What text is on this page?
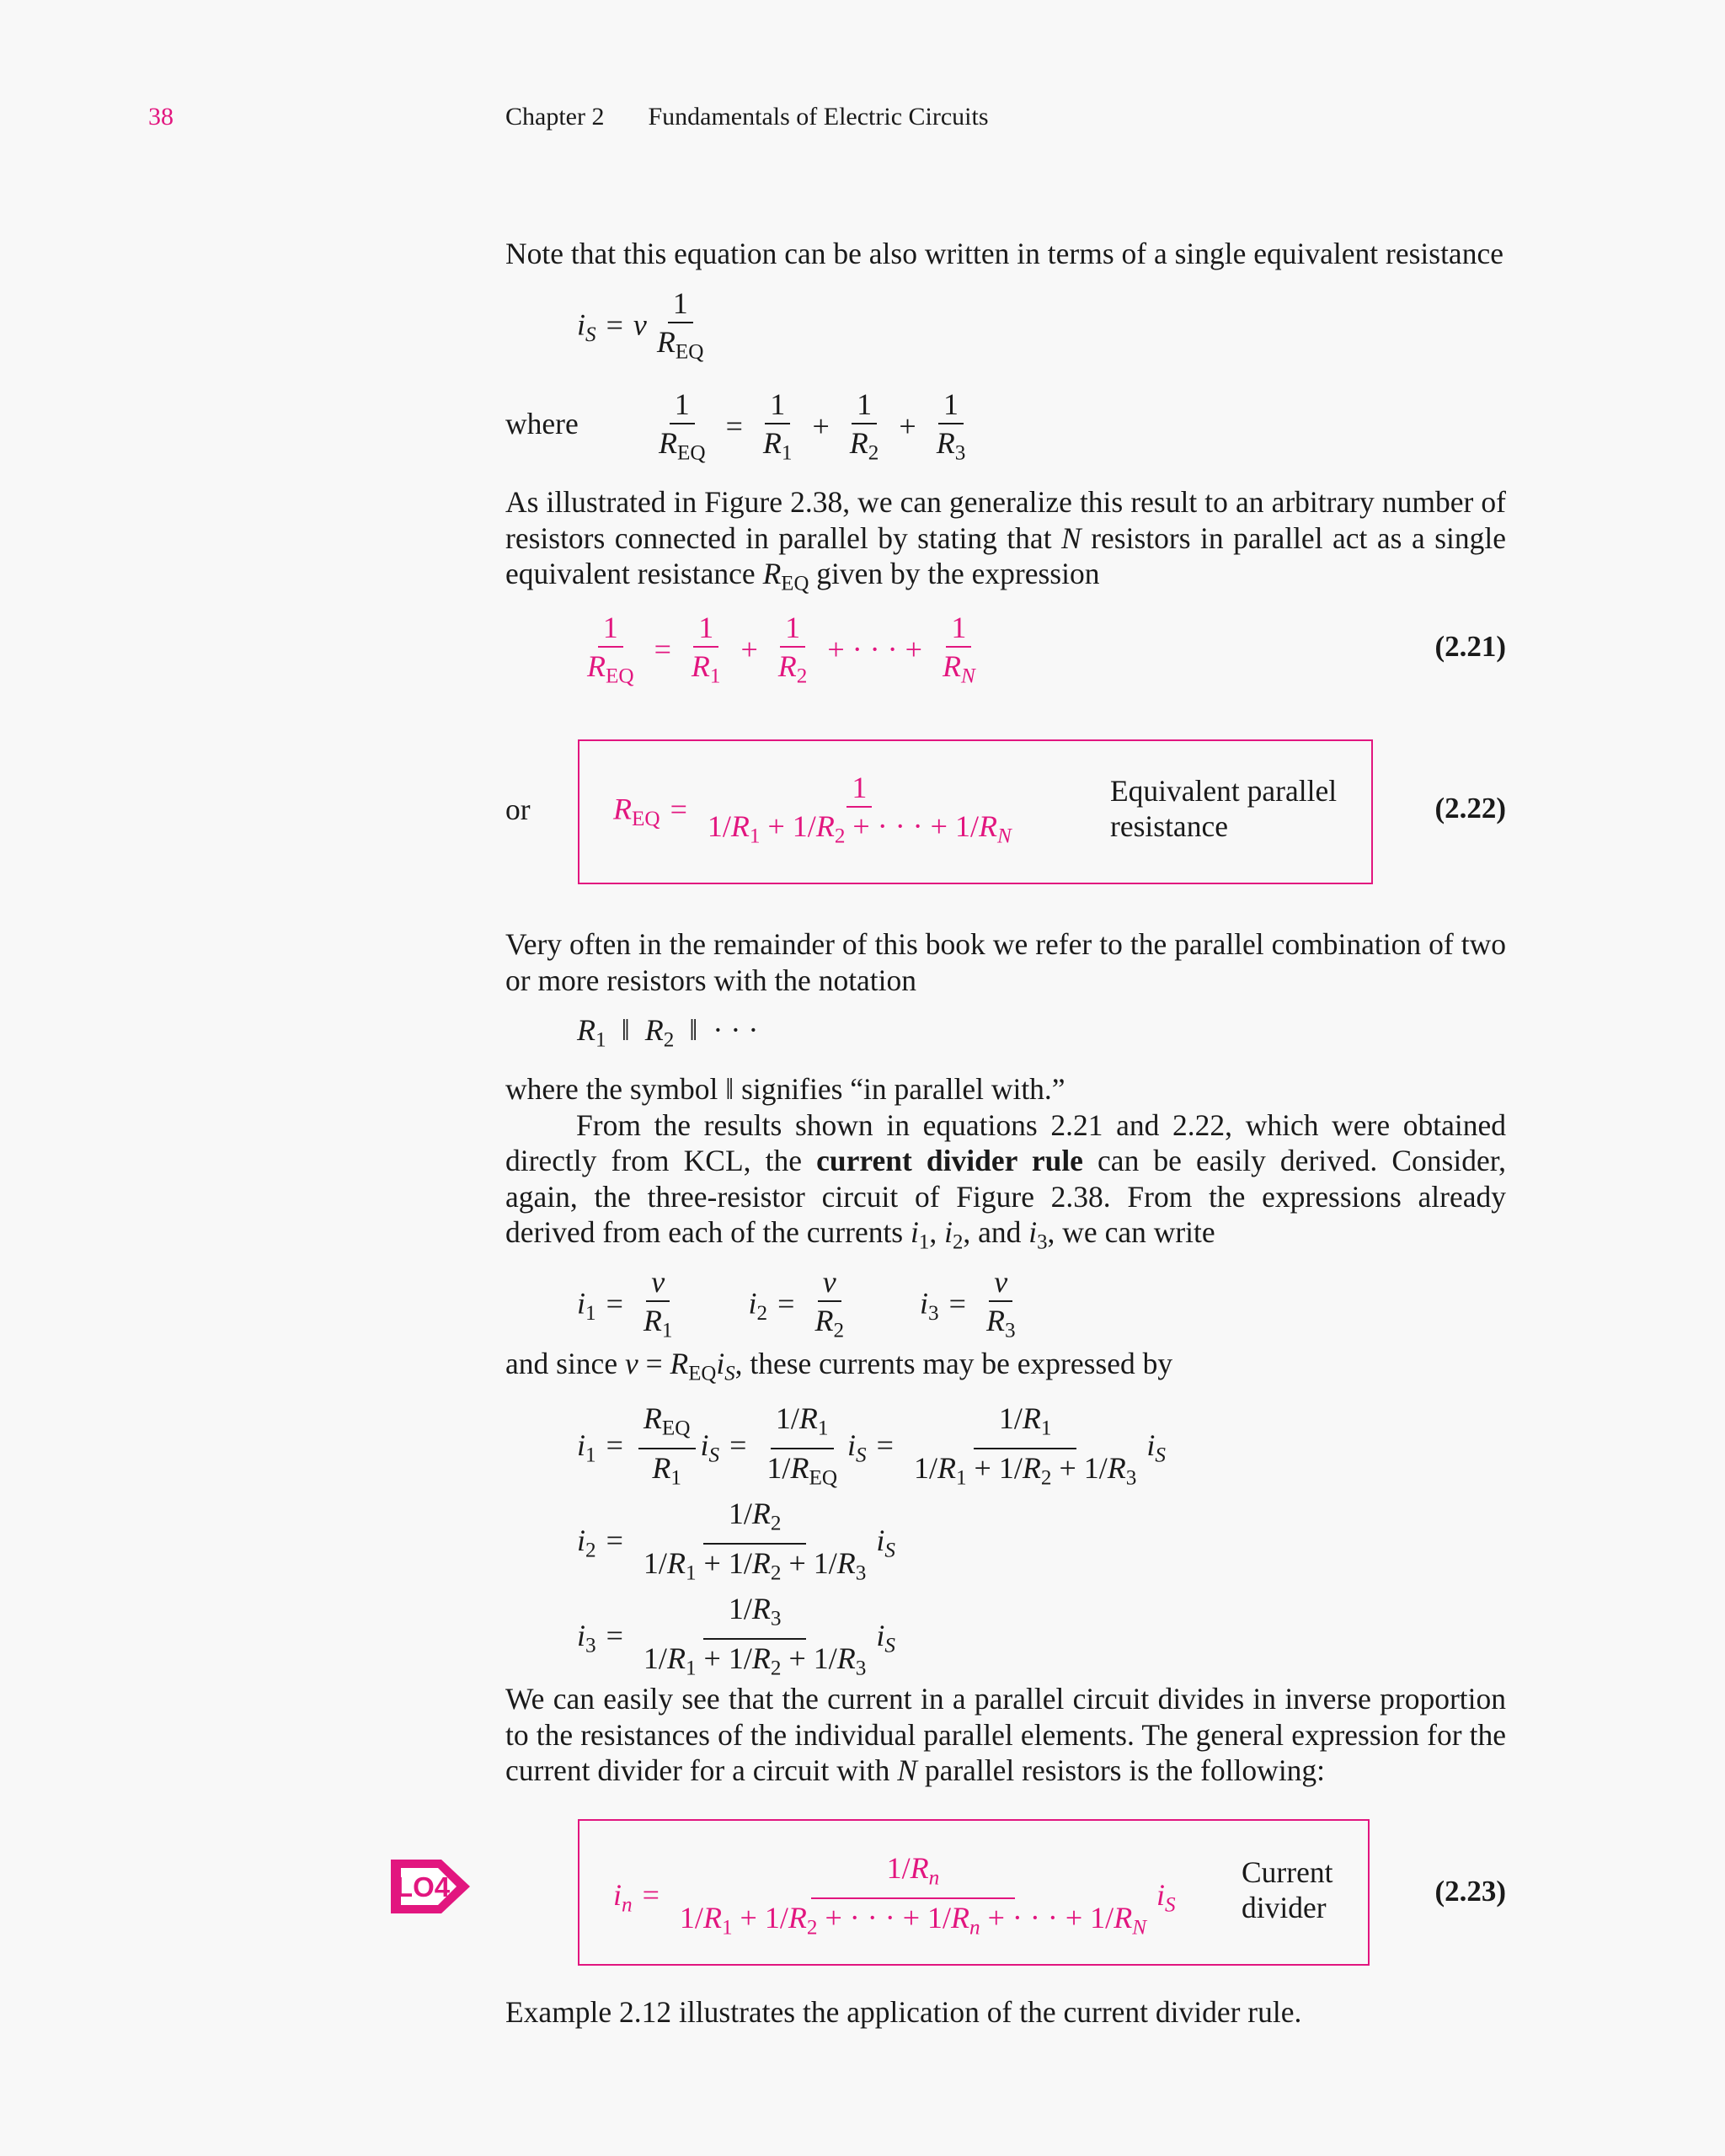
38	Chapter 2 Fundamentals of Electric Circuits

Note that this equation can be also written in terms of a single equivalent resistance

$i_S = v$
1
$R_{EQ}$
where
1
$R_{EQ}$
= $\frac{1}{R_1} + \frac{1}{R_2} + \frac{1}{R_3}$

As illustrated in Figure 2.38, we can generalize this result to an arbitrary number of resistors connected in parallel by stating that N resistors in parallel act as a single equivalent resistance $R_{EQ}$ given by the expression

1
$R_{EQ}$
= $\frac{1}{R_1} + \frac{1}{R_2}$ + · · · + $\frac{1}{R_N}$	(2.21)
or	$R_{EQ} = \frac{1}{1/R_1 + 1/R_2 + \cdot \cdot \cdot + 1/R_N}$	Equivalent parallel
resistance
(2.22)

Very often in the remainder of this book we refer to the parallel combination of two or more resistors with the notation

$R_1$  ‖  $R_2$  ‖  · · ·

where the symbol ‖ signifies “in parallel with.”

From the results shown in equations 2.21 and 2.22, which were obtained directly from KCL, the current divider rule can be easily derived. Consider, again, the three-resistor circuit of Figure 2.38. From the expressions already derived from each of the currents $i_1$, $i_2$, and $i_3$, we can write

$i_1 = \frac{v}{R_1} i_2 = \frac{v}{R_2} i_3 = \frac{v}{R_3}$

and since $v = R_{EQ}i_S$, these currents may be expressed by

$i_1$ =
$R_{EQ}$
$R_1$
$i_S$ =
$1/R_1$
$1/R_{EQ}$
$i_S = \frac{1/R_1}{1/R_1 + 1/R_2 + 1/R_3} i_S$
$i_2 = \frac{1/R_2}{1/R_1 + 1/R_2 + 1/R_3} i_S$
$i_3 = \frac{1/R_3}{1/R_1 + 1/R_2 + 1/R_3} i_S$

We can easily see that the current in a parallel circuit divides in inverse proportion to the resistances of the individual parallel elements. The general expression for the current divider for a circuit with N parallel resistors is the following:

LO4	$i_n = \frac{1/R_n}{1/R_1 + 1/R_2 + \cdot \cdot \cdot + 1/R_n + \cdot \cdot \cdot + 1/R_N} i_S$
Current
divider	(2.23)

Example 2.12 illustrates the application of the current divider rule.
